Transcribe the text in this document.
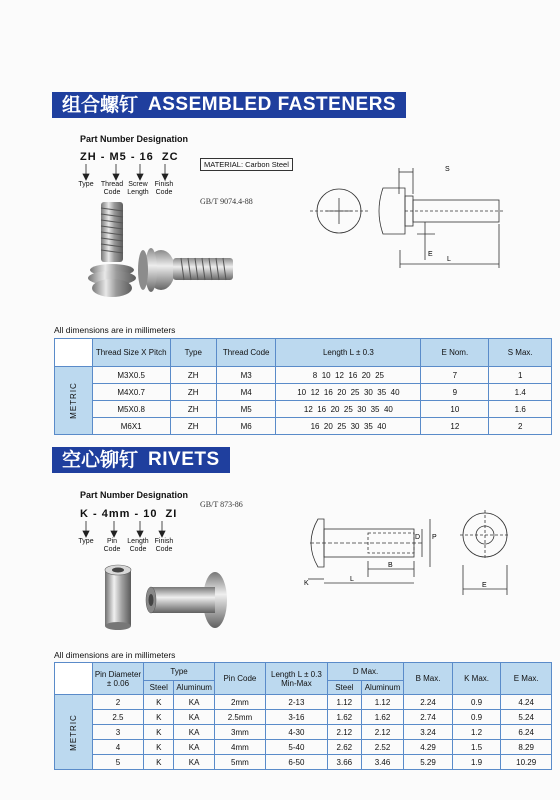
组合螺钉 ASSEMBLED FASTENERS
Part Number Designation
ZH - M5 - 16 ZC
Type	Thread Code
Screw Length
Finish Code
MATERIAL: Carbon Steel
GB/T 9074.4-88
S
E
L
All dimensions are in millimeters
	Thread Size X Pitch	Type	Thread Code	Length L ± 0.3	E Nom.	S Max.

METRIC	M3X0.5	ZH	M3	8  10  12  16  20  25	7	1
	M4X0.7	ZH	M4	10  12  16  20  25  30  35  40	9	1.4
	M5X0.8	ZH	M5	12  16  20  25  30  35  40	10	1.6
	M6X1	ZH	M6	16  20  25  30  35  40	12	2
空心铆钉 RIVETS
Part Number Designation
K - 4mm - 10 ZI
Type	Pin Code
Length Code
Finish Code
GB/T 873-86
D P
B
K
L
E
All dimensions are in millimeters
	Pin Diameter ± 0.06	Type		Pin Code	Length L ± 0.3 Min-Max	D Max.		B Max.	K Max.	E Max.
		Steel	Aluminum			Steel	Aluminum			

METRIC	2	K	KA	2mm	2-13	1.12	1.12	2.24	0.9	4.24
	2.5	K	KA	2.5mm	3-16	1.62	1.62	2.74	0.9	5.24
	3	K	KA	3mm	4-30	2.12	2.12	3.24	1.2	6.24
	4	K	KA	4mm	5-40	2.62	2.52	4.29	1.5	8.29
	5	K	KA	5mm	6-50	3.66	3.46	5.29	1.9	10.29
